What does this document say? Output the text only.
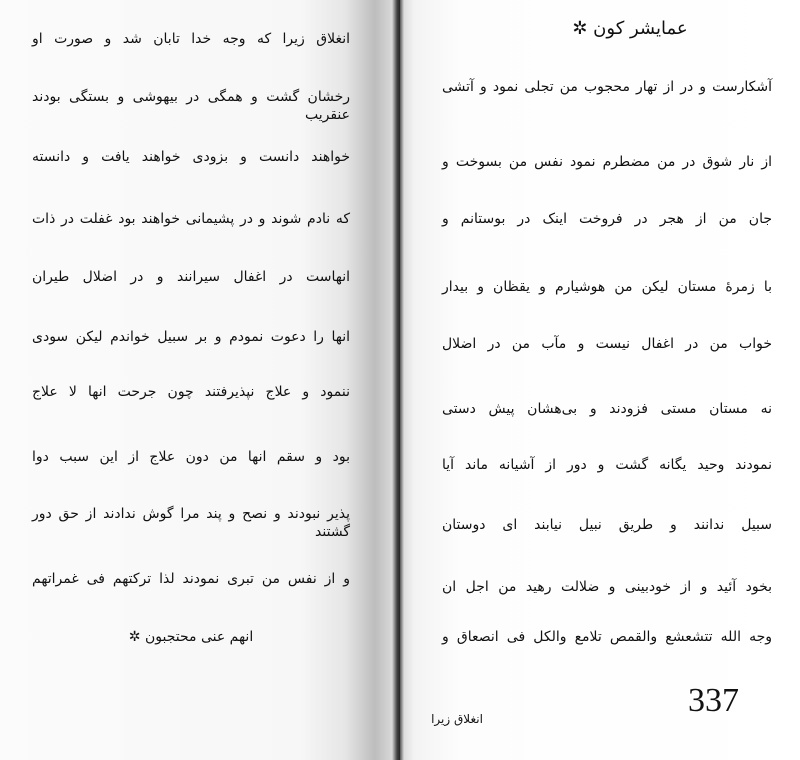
انغلاق زیرا که وجه خدا تابان شد و صورت او
رخشان گشت و همگی در بیهوشی و بستگی بودند عنقریب
خواهند دانست و بزودی خواهند یافت و دانسته
که نادم شوند و در پشیمانی خواهند بود غفلت در ذات
انهاست در اغفال سیرانند و در اضلال طیران
انها را دعوت نمودم و بر سبیل خواندم لیکن سودی
ننمود و علاج نپذیرفتند چون جرحت انها لا علاج
بود و سقم انها من دون علاج از این سبب دوا
پذیر نبودند و نصح و پند مرا گوش ندادند از حق دور گشتند
و از نفس من تبری نمودند لذا ترکتهم فی غمراتهم
انهم عنی محتجبون ✲
عمایشر کون ✲
آشکارست و در از تهار محجوب من تجلی نمود و آتشی
از نار شوق در من مضطرم نمود نفس من بسوخت و
جان من از هجر در فروخت اینک در بوستانم و
با زمرهٔ مستان لیکن من هوشیارم و یقظان و بیدار
خواب من در اغفال نیست و مآب من در اضلال
نه مستان مستی فزودند و بی‌هشان پیش دستی
نمودند وحید یگانه گشت و دور از آشیانه ماند آیا
سبیل ندانند و طریق نبیل نیابند ای دوستان
بخود آئید و از خودبینی و ضلالت رهید من اجل ان
وجه الله تتشعشع والقمص تلامع والکل فی انصعاق و
337
انغلاق زیرا
